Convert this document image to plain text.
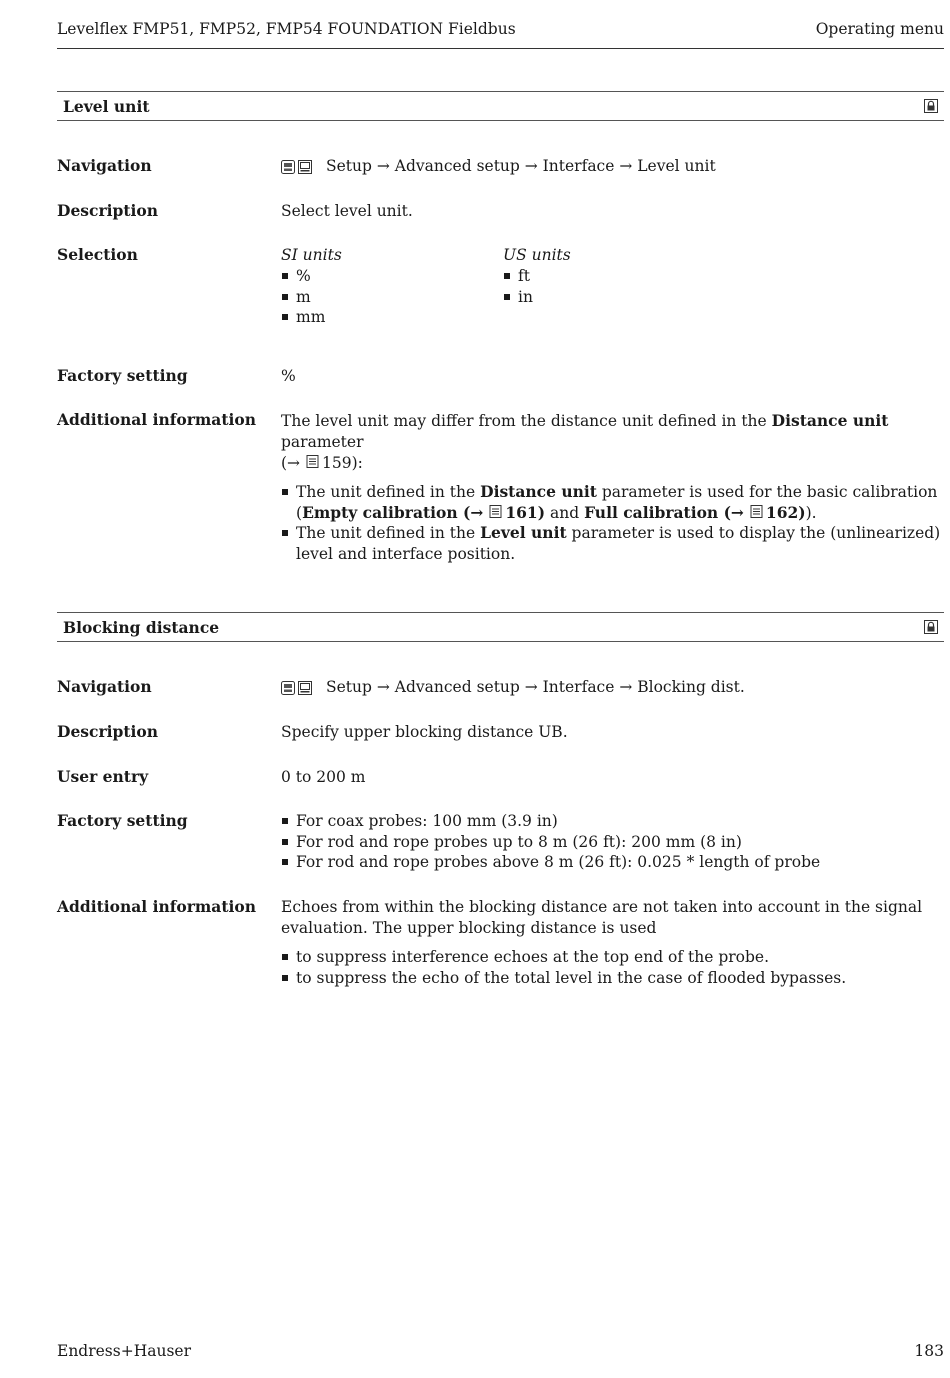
Levelflex FMP51, FMP52, FMP54 FOUNDATION Fieldbus	Operating menu
Level unit
Navigation	Setup → Advanced setup → Interface → Level unit
Description	Select level unit.
Selection	SI units
%
m
mm
US units
ft
in
Factory setting	%
Additional information	The level unit may differ from the distance unit defined in the Distance unit parameter
(→ 159):
The unit defined in the Distance unit parameter is used for the basic calibration (Empty calibration (→ 161) and Full calibration (→ 162)).
The unit defined in the Level unit parameter is used to display the (unlinearized) level and interface position.
Blocking distance
Navigation	Setup → Advanced setup → Interface → Blocking dist.
Description	Specify upper blocking distance UB.
User entry	0 to 200 m
Factory setting	For coax probes: 100 mm (3.9 in)
For rod and rope probes up to 8 m (26 ft): 200 mm (8 in)
For rod and rope probes above 8 m (26 ft): 0.025 * length of probe
Additional information	Echoes from within the blocking distance are not taken into account in the signal evaluation. The upper blocking distance is used
to suppress interference echoes at the top end of the probe.
to suppress the echo of the total level in the case of flooded bypasses.
Endress+Hauser	183
